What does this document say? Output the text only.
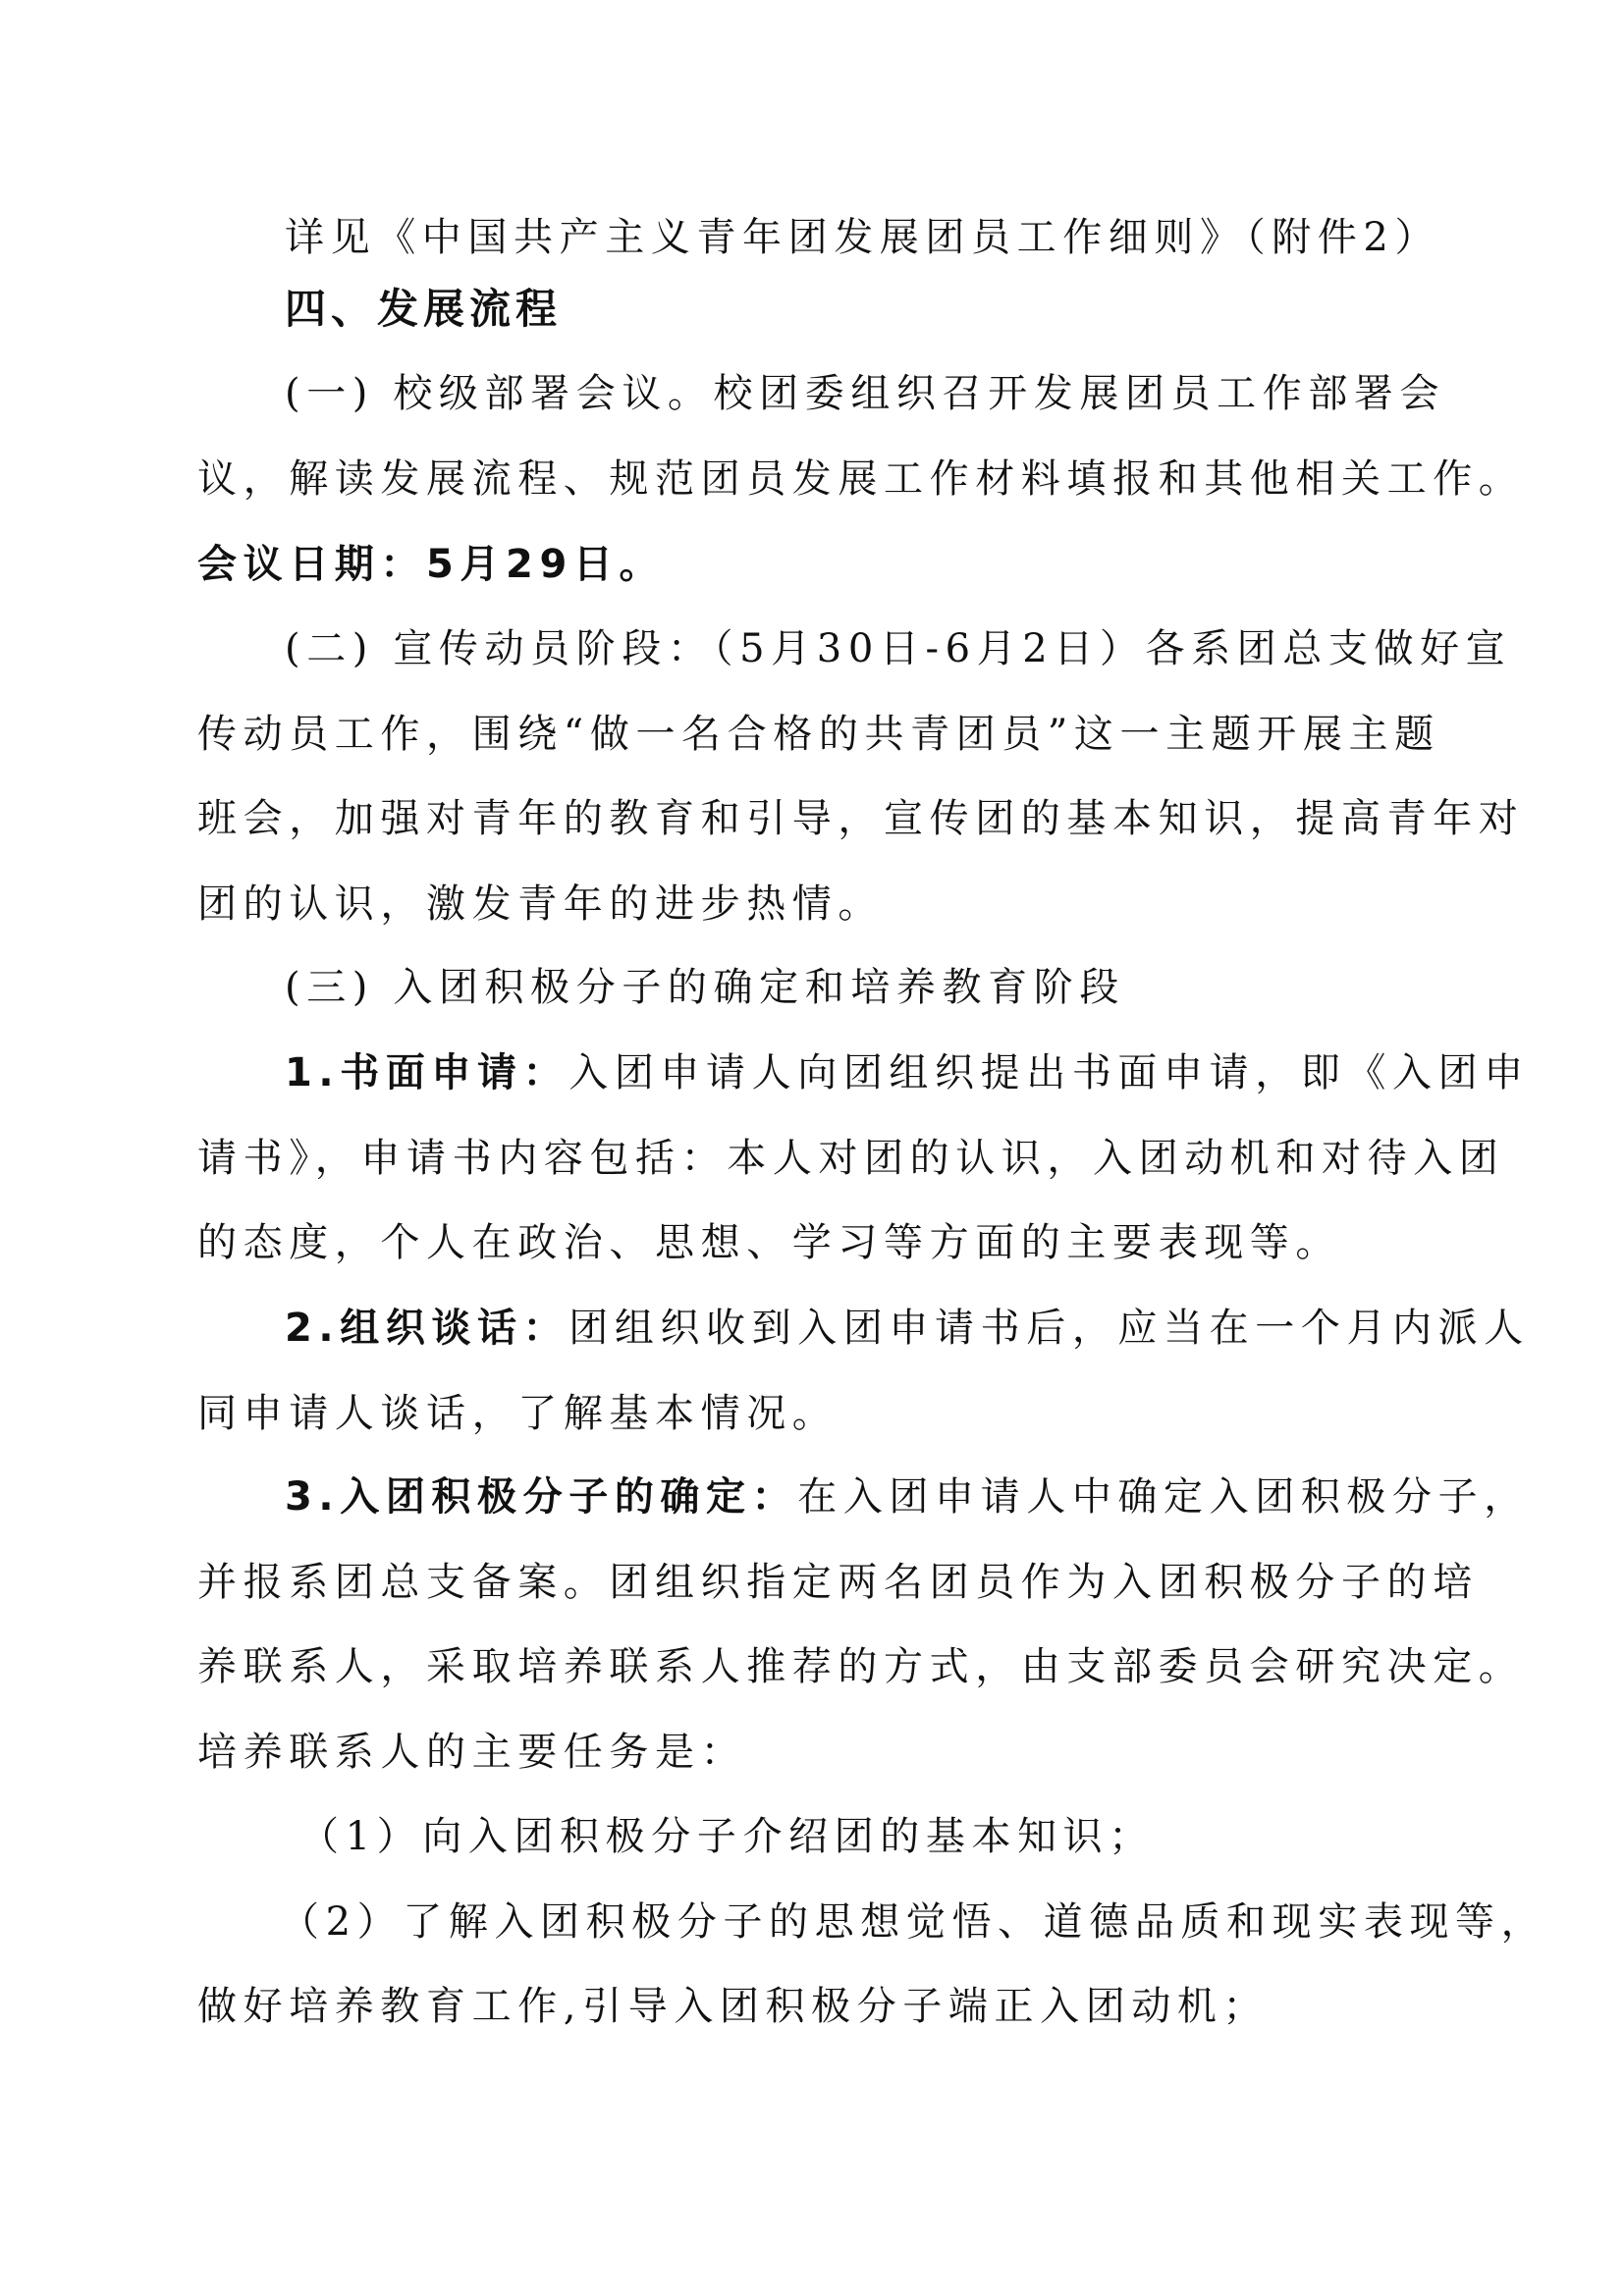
详见《中国共产主义青年团发展团员工作细则》（附件2）

四、发展流程

(一) 校级部署会议。校团委组织召开发展团员工作部署会

议，解读发展流程、规范团员发展工作材料填报和其他相关工作。

会议日期：5月29日。

(二) 宣传动员阶段：（5月30日-6月2日）各系团总支做好宣

传动员工作，围绕“做一名合格的共青团员”这一主题开展主题

班会，加强对青年的教育和引导，宣传团的基本知识，提高青年对

团的认识，激发青年的进步热情。

(三) 入团积极分子的确定和培养教育阶段

1.书面申请：入团申请人向团组织提出书面申请，即《入团申

请书》，申请书内容包括：本人对团的认识，入团动机和对待入团

的态度，个人在政治、思想、学习等方面的主要表现等。

2.组织谈话：团组织收到入团申请书后，应当在一个月内派人

同申请人谈话，了解基本情况。

3.入团积极分子的确定：在入团申请人中确定入团积极分子，

并报系团总支备案。团组织指定两名团员作为入团积极分子的培

养联系人，采取培养联系人推荐的方式，由支部委员会研究决定。

培养联系人的主要任务是：

（1）向入团积极分子介绍团的基本知识；

（2）了解入团积极分子的思想觉悟、道德品质和现实表现等，

做好培养教育工作,引导入团积极分子端正入团动机；
